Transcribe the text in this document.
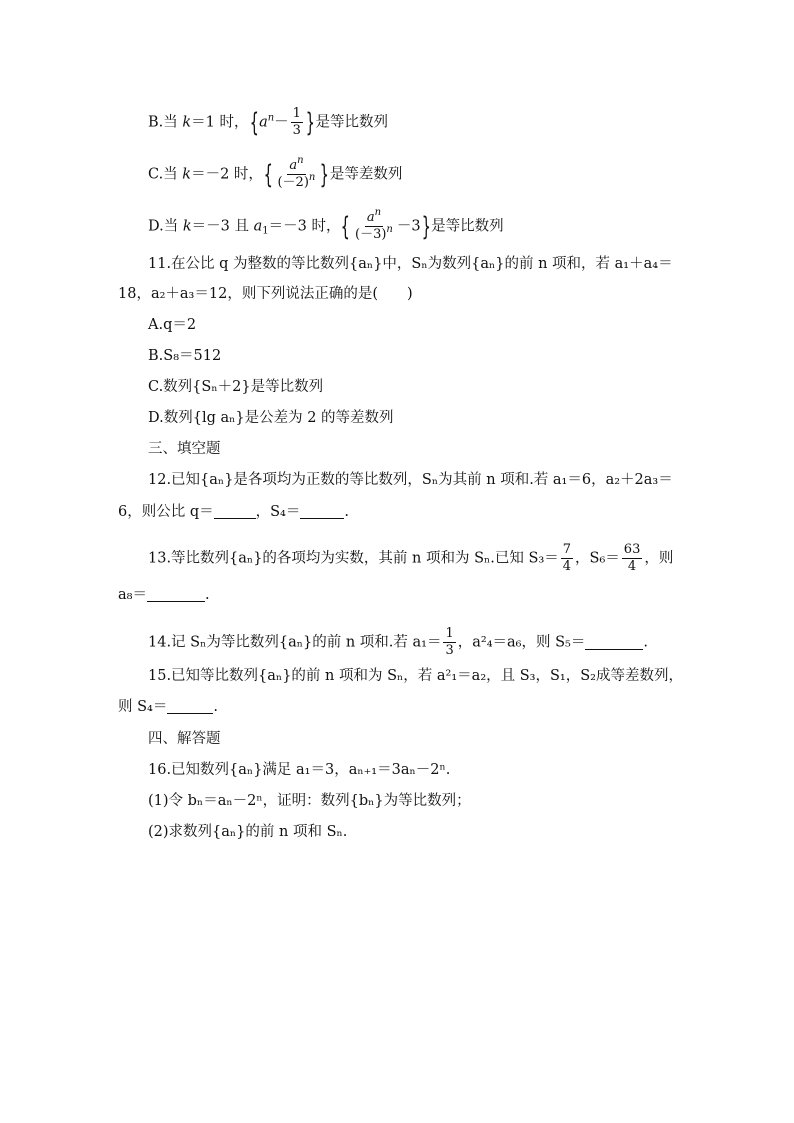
B.当 k＝1 时，{$a^n- \frac{1}{3}$ }是等比数列
C.当 k＝－2 时，{ $\frac{a^n}{(-2)^n}$ }是等差数列
D.当 k＝－3 且 $a_1=-3$ 时，{ $\frac{a^n}{(-3)^n} -3$}是等比数列
11.在公比 q 为整数的等比数列{aₙ}中，Sₙ为数列{aₙ}的前 n 项和，若 a₁＋a₄＝
18，a₂＋a₃＝12，则下列说法正确的是(　　)
A.q＝2
B.S₈＝512
C.数列{Sₙ＋2}是等比数列
D.数列{lg aₙ}是公差为 2 的等差数列
三、填空题
12.已知{aₙ}是各项均为正数的等比数列，Sₙ为其前 n 项和.若 a₁＝6，a₂＋2a₃＝
6，则公比 q＝	，S₄＝	.
13.等比数列{aₙ}的各项均为实数，其前 n 项和为 Sₙ.已知 $S_3= \frac{7}{4}$ ，$S_6= \frac{63}{4}$ ，则
a₈＝	.
14.记 Sₙ为等比数列{aₙ}的前 n 项和.若 $a_1= \frac{1}{3}$ ，a²₄＝a₆，则 S₅＝	.
15.已知等比数列{aₙ}的前 n 项和为 Sₙ，若 a²₁＝a₂，且 S₃，S₁，S₂成等差数列，
则 S₄＝	.
四、解答题
16.已知数列{aₙ}满足 a₁＝3，aₙ₊₁＝3aₙ－2ⁿ.
(1)令 bₙ＝aₙ－2ⁿ，证明：数列{bₙ}为等比数列；
(2)求数列{aₙ}的前 n 项和 Sₙ.
